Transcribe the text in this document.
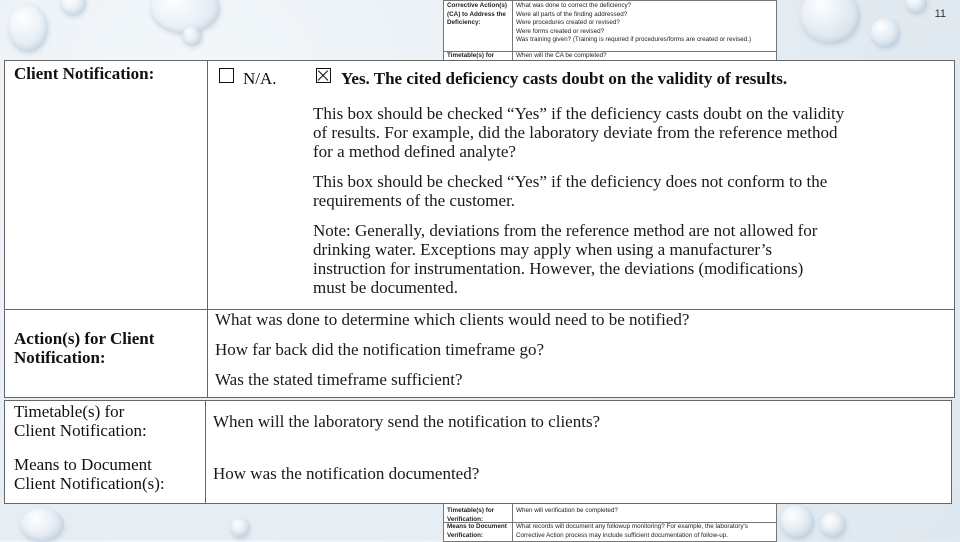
11
Corrective Action(s) (CA) to Address the Deficiency:
What was done to correct the deficiency?
Were all parts of the finding addressed?
Were procedures created or revised?
Were forms created or revised?
Was training given? (Training is required if procedures/forms are created or revised.)
Timetable(s) for	When will the CA be completed?
Timetable(s) for Verification:
When will verification be completed?
Means to Document Verification:
What records will document any followup monitoring? For example, the laboratory's
Corrective Action process may include sufficient documentation of follow-up.
Client Notification:	N/A.	Yes. The cited deficiency casts doubt on the validity of results.
This box should be checked “Yes” if the deficiency casts doubt on the validity
of results. For example, did the laboratory deviate from the reference method
for a method defined analyte?
This box should be checked “Yes” if the deficiency does not conform to the
requirements of the customer.
Note: Generally, deviations from the reference method are not allowed for
drinking water. Exceptions may apply when using a manufacturer’s
instruction for instrumentation. However, the deviations (modifications)
must be documented.
Action(s) for Client
Notification:
What was done to determine which clients would need to be notified?
How far back did the notification timeframe go?
Was the stated timeframe sufficient?
Timetable(s) for
Client Notification:	When will the laboratory send the notification to clients?
Means to Document
Client Notification(s):
How was the notification documented?
